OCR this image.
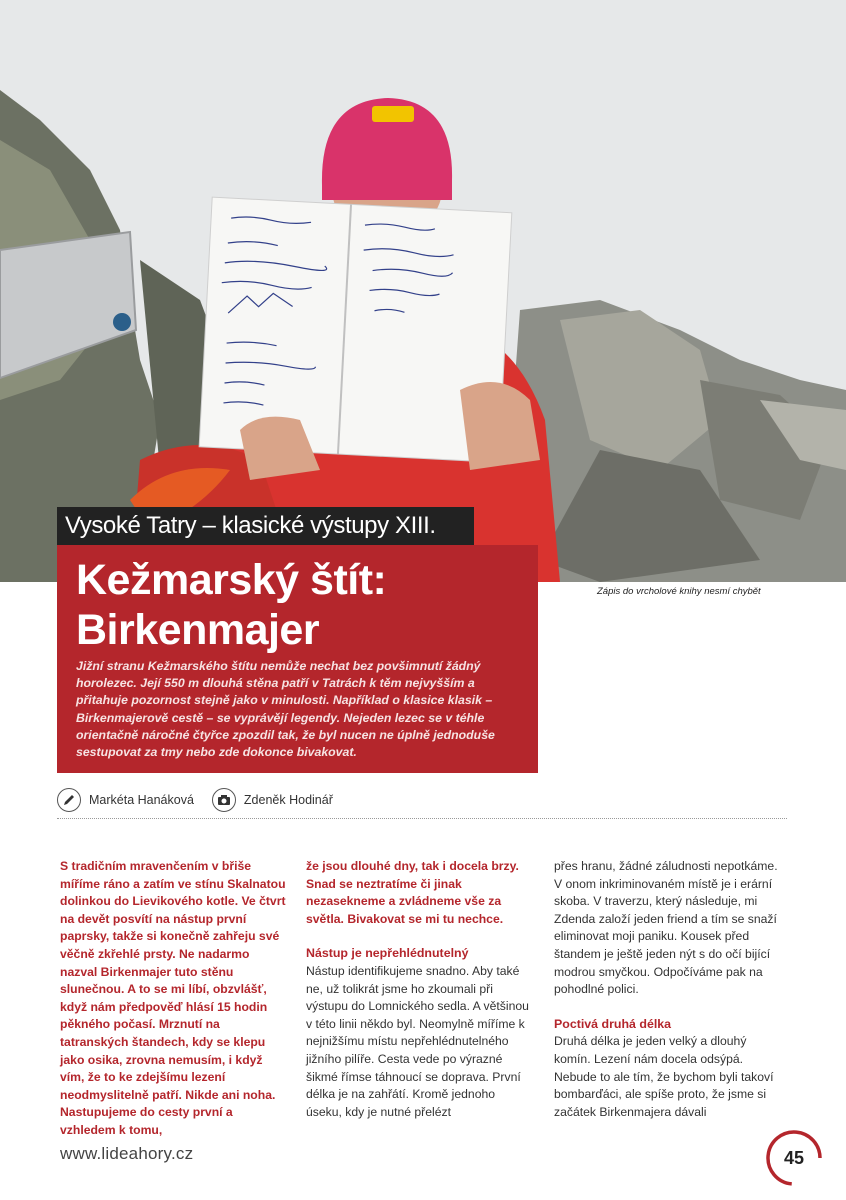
Vysoké Tatry – klasické výstupy XIII.
Kežmarský štít:
Birkenmajer

Jižní stranu Kežmarského štítu nemůže nechat bez povšimnutí žádný horolezec. Její 550 m dlouhá stěna patří v Tatrách k těm nejvyšším a přitahuje pozornost stejně jako v minulosti. Například o klasice klasik – Birkenmajerově cestě – se vyprávějí legendy. Nejeden lezec se v téhle orientačně náročné čtyřce zpozdil tak, že byl nucen ne úplně jednoduše sestupovat za tmy nebo zde dokonce bivakovat.

Zápis do vrcholové knihy nesmí chybět
Markéta Hanáková	Zdeněk Hodinář

S tradičním mravenčením v břiše míříme ráno a zatím ve stínu Skalnatou dolinkou do Lievikového kotle. Ve čtvrt na devět posvítí na nástup první paprsky, takže si konečně zahřeju své věčně zkřehlé prsty. Ne nadarmo nazval Birkenmajer tuto stěnu slunečnou. A to se mi líbí, obzvlášť, když nám předpověď hlásí 15 hodin pěkného počasí. Mrznutí na tatranských štandech, kdy se klepu jako osika, zrovna nemusím, i když vím, že to ke zdejšímu lezení neodmyslitelně patří. Nikde ani noha. Nastupujeme do cesty první a vzhledem k tomu,

že jsou dlouhé dny, tak i docela brzy. Snad se neztratíme či jinak nezasekneme a zvládneme vše za světla. Bivakovat se mi tu nechce.

Nástup je nepřehlédnutelný

Nástup identifikujeme snadno. Aby také ne, už tolikrát jsme ho zkoumali při výstupu do Lomnického sedla. A většinou v této linii někdo byl. Neomylně míříme k nejnižšímu místu nepřehlédnutelného jižního pilíře. Cesta vede po výrazné šikmé římse táhnoucí se doprava. První délka je na zahřátí. Kromě jednoho úseku, kdy je nutné přelézt

přes hranu, žádné záludnosti nepotkáme. V onom inkriminovaném místě je i erární skoba. V traverzu, který následuje, mi Zdenda založí jeden friend a tím se snaží eliminovat moji paniku. Kousek před štandem je ještě jeden nýt s do očí bijící modrou smyčkou. Odpočíváme pak na pohodlné polici.

Poctivá druhá délka

Druhá délka je jeden velký a dlouhý komín. Lezení nám docela odsýpá. Nebude to ale tím, že bychom byli takoví bombarďáci, ale spíše proto, že jsme si začátek Birkenmajera dávali

www.lideahory.cz	45
